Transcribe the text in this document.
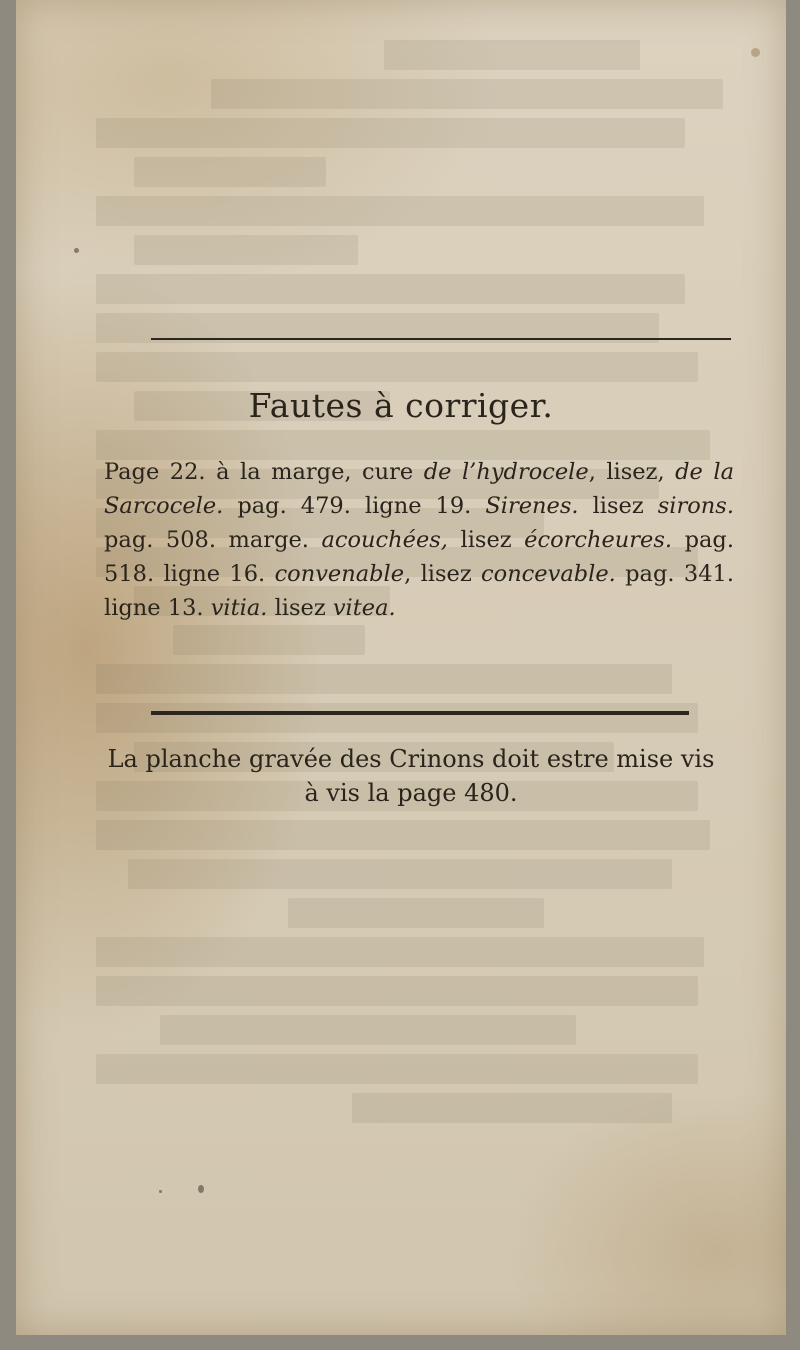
Fautes à corriger.
Page 22. à la marge, cure de l’hydrocele, lisez, de la Sarcocele. pag. 479. ligne 19. Sirenes. lisez sirons. pag. 508. marge. acouchées, lisez écorcheures. pag. 518. ligne 16. convenable, lisez concevable. pag. 341. ligne 13. vitia. lisez vitea.
La planche gravée des Crinons doit estre mise vis
à vis la page 480.
